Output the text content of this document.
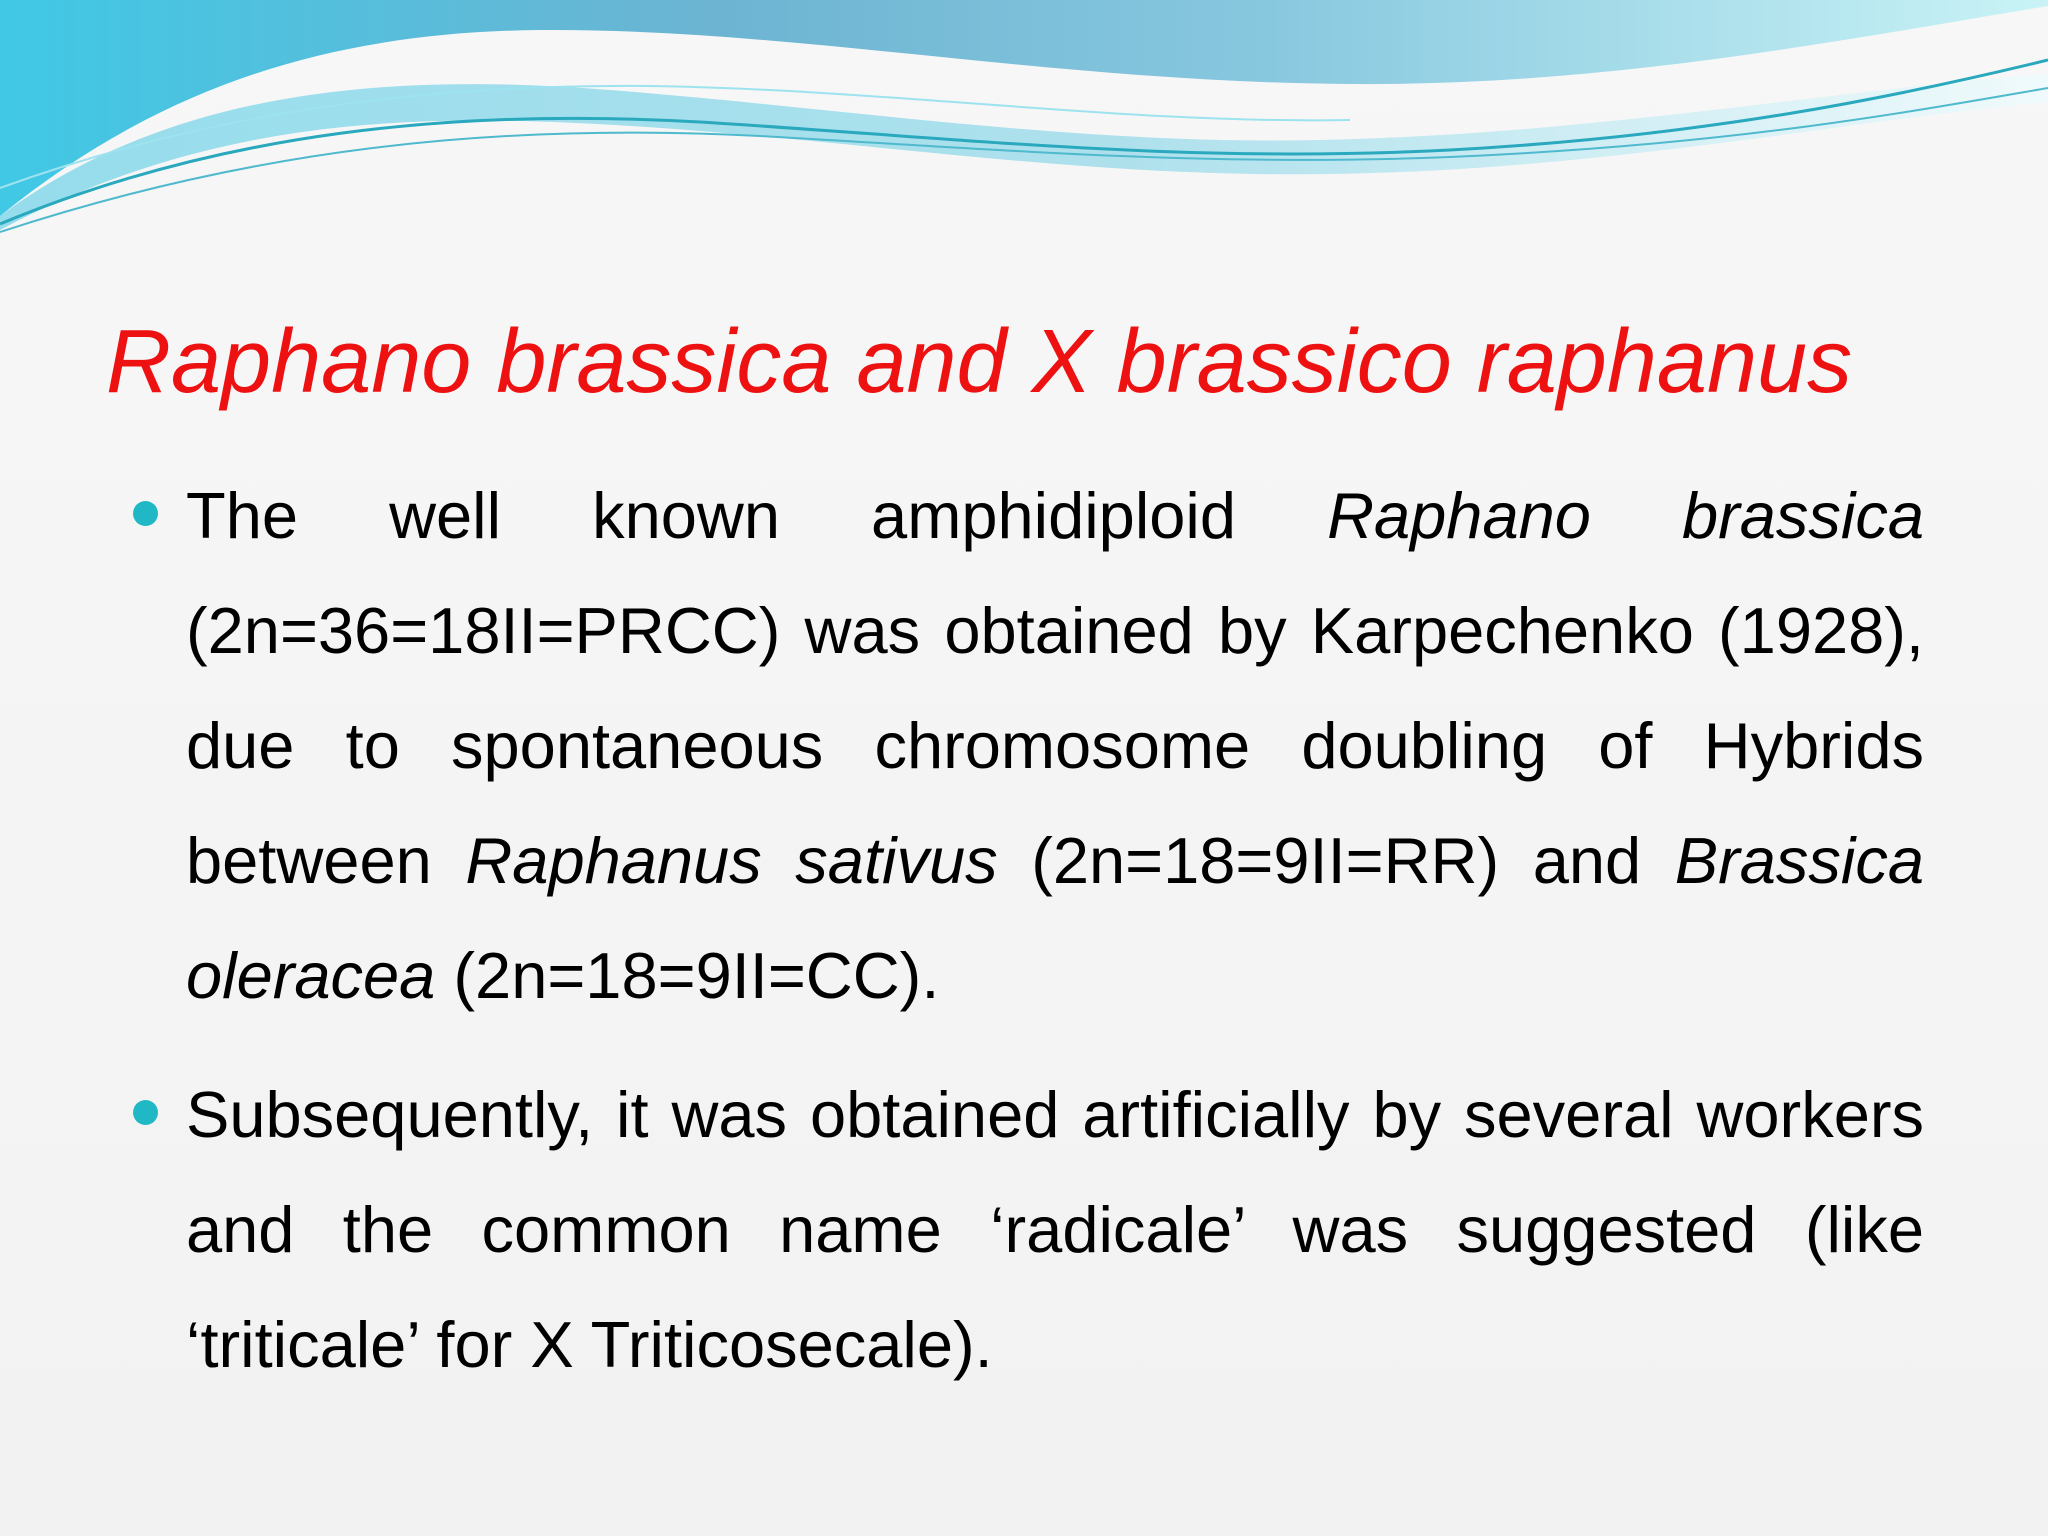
Raphano brassica and X brassico raphanus

The well known amphidiploid Raphano brassica (2n=36=18II=PRCC) was obtained by Karpechenko (1928), due to spontaneous chromosome doubling of Hybrids between Raphanus sativus (2n=18=9II=RR) and Brassica oleracea (2n=18=9II=CC).

Subsequently, it was obtained artificially by several workers and the common name ‘radicale’ was suggested (like ‘triticale’ for X Triticosecale).
